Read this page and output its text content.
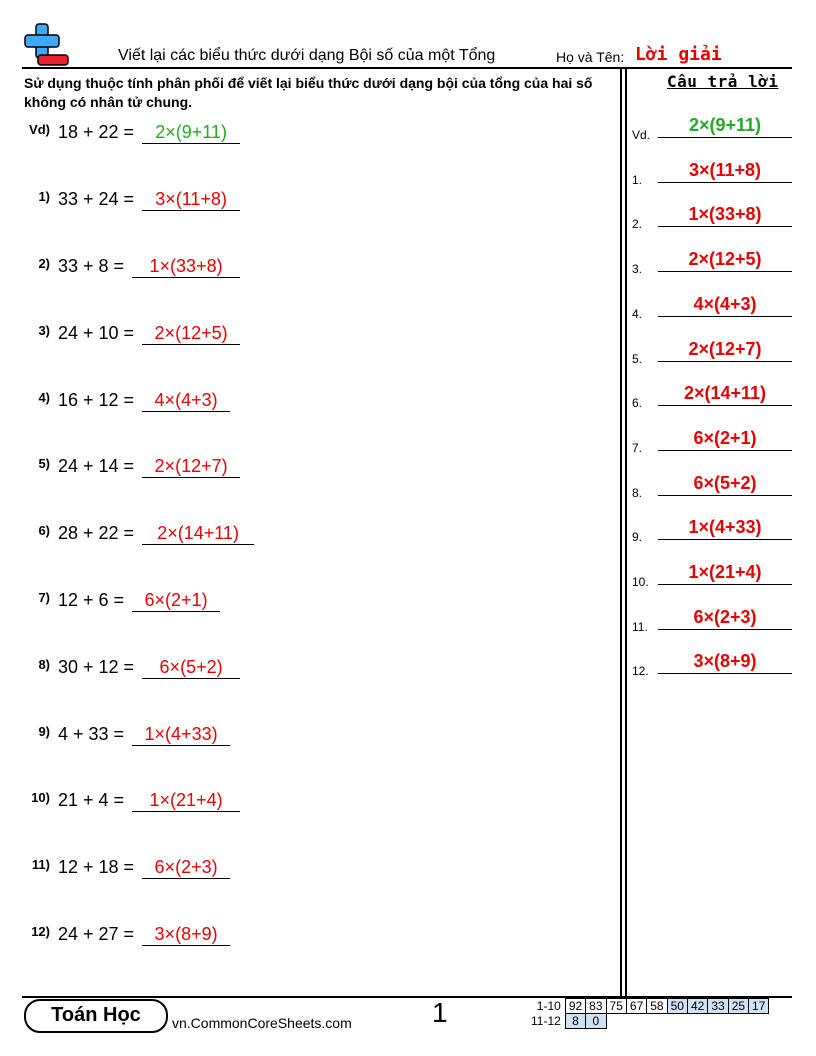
Viết lại các biểu thức dưới dạng Bội số của một Tổng	Họ và Tên: Lời giải
Sử dụng thuộc tính phân phối để viết lại biểu thức dưới dạng bội của tổng của hai số không có nhân tử chung.
Câu trả lời
Vd) 18 + 22 = 2×(9+11)
1) 33 + 24 = 3×(11+8)
2) 33 + 8 = 1×(33+8)
3) 24 + 10 = 2×(12+5)
4) 16 + 12 = 4×(4+3)
5) 24 + 14 = 2×(12+7)
6) 28 + 22 = 2×(14+11)
7) 12 + 6 = 6×(2+1)
8) 30 + 12 = 6×(5+2)
9) 4 + 33 = 1×(4+33)
10) 21 + 4 = 1×(21+4)
11) 12 + 18 = 6×(2+3)
12) 24 + 27 = 3×(8+9)
Vd.	2×(9+11)
1.	3×(11+8)
2.	1×(33+8)
3.	2×(12+5)
4.	4×(4+3)
5.	2×(12+7)
6.	2×(14+11)
7.	6×(2+1)
8.	6×(5+2)
9.	1×(4+33)
10.	1×(21+4)
11.	6×(2+3)
12.	3×(8+9)
Toán Học	vn.CommonCoreSheets.com	1	1-10	92	83	75	67	58	50	42	33	25	17
11-12	8	0								
